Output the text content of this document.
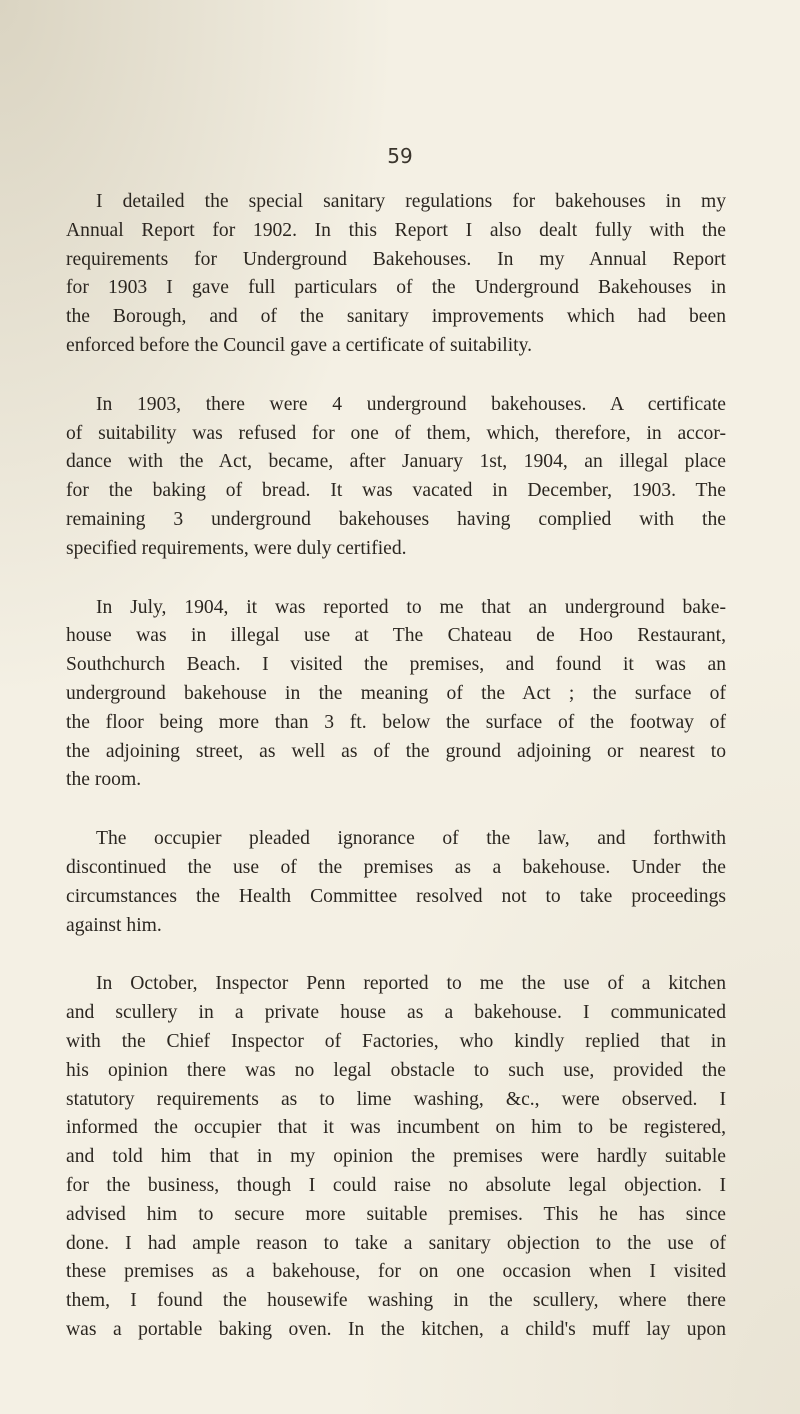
59

I detailed the special sanitary regulations for bakehouses in my
Annual Report for 1902. In this Report I also dealt fully with the
requirements for Underground Bakehouses. In my Annual Report
for 1903 I gave full particulars of the Underground Bakehouses in
the Borough, and of the sanitary improvements which had been
enforced before the Council gave a certificate of suitability.

In 1903, there were 4 underground bakehouses. A certificate
of suitability was refused for one of them, which, therefore, in accor-
dance with the Act, became, after January 1st, 1904, an illegal place
for the baking of bread. It was vacated in December, 1903. The
remaining 3 underground bakehouses having complied with the
specified requirements, were duly certified.

In July, 1904, it was reported to me that an underground bake-
house was in illegal use at The Chateau de Hoo Restaurant,
Southchurch Beach. I visited the premises, and found it was an
underground bakehouse in the meaning of the Act ; the surface of
the floor being more than 3 ft. below the surface of the footway of
the adjoining street, as well as of the ground adjoining or nearest to
the room.

The occupier pleaded ignorance of the law, and forthwith
discontinued the use of the premises as a bakehouse. Under the
circumstances the Health Committee resolved not to take proceedings
against him.

In October, Inspector Penn reported to me the use of a kitchen
and scullery in a private house as a bakehouse. I communicated
with the Chief Inspector of Factories, who kindly replied that in
his opinion there was no legal obstacle to such use, provided the
statutory requirements as to lime washing, &c., were observed. I
informed the occupier that it was incumbent on him to be registered,
and told him that in my opinion the premises were hardly suitable
for the business, though I could raise no absolute legal objection. I
advised him to secure more suitable premises. This he has since
done. I had ample reason to take a sanitary objection to the use of
these premises as a bakehouse, for on one occasion when I visited
them, I found the housewife washing in the scullery, where there
was a portable baking oven. In the kitchen, a child's muff lay upon
